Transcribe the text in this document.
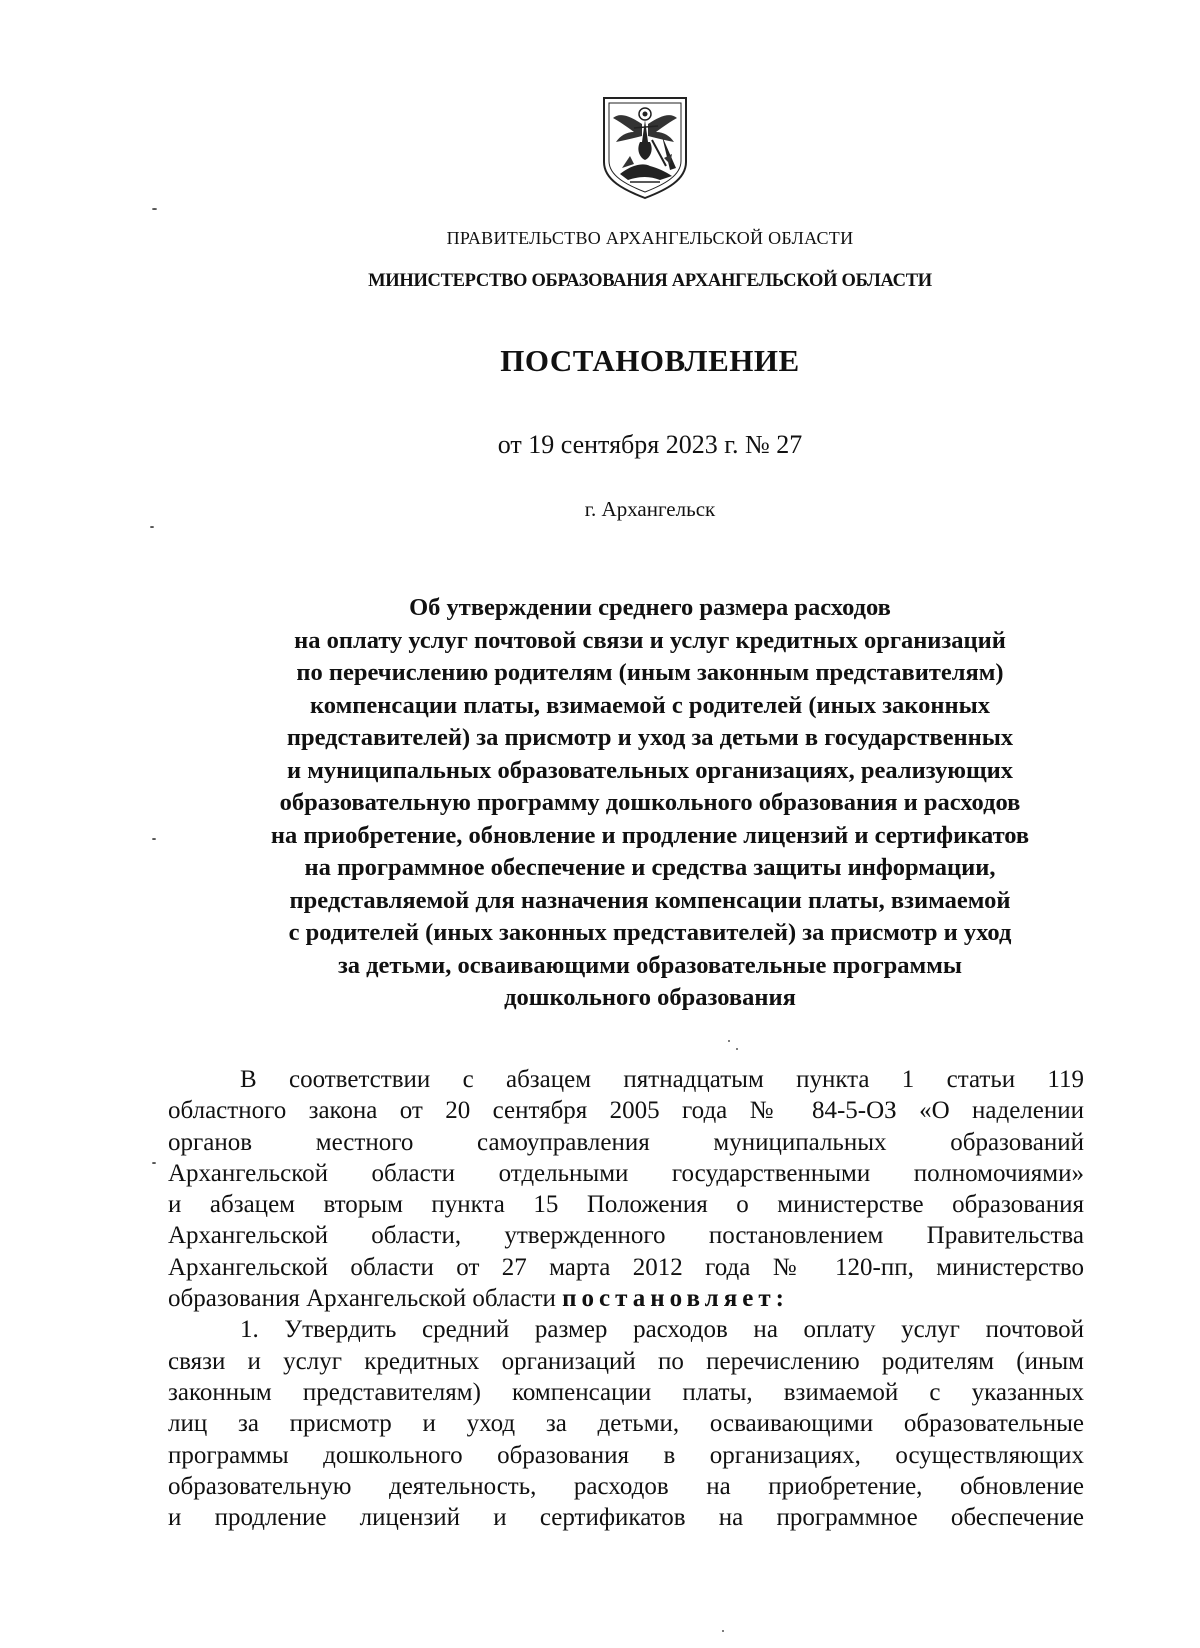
ПРАВИТЕЛЬСТВО АРХАНГЕЛЬСКОЙ ОБЛАСТИ
МИНИСТЕРСТВО ОБРАЗОВАНИЯ АРХАНГЕЛЬСКОЙ ОБЛАСТИ
ПОСТАНОВЛЕНИЕ
от 19 сентября 2023 г. № 27
г. Архангельск
Об утверждении среднего размера расходов
на оплату услуг почтовой связи и услуг кредитных организаций
по перечислению родителям (иным законным представителям)
компенсации платы, взимаемой с родителей (иных законных
представителей) за присмотр и уход за детьми в государственных
и муниципальных образовательных организациях, реализующих
образовательную программу дошкольного образования и расходов
на приобретение, обновление и продление лицензий и сертификатов
на программное обеспечение и средства защиты информации,
представляемой для назначения компенсации платы, взимаемой
с родителей (иных законных представителей) за присмотр и уход
за детьми, осваивающими образовательные программы
дошкольного образования
В соответствии с абзацем пятнадцатым пункта 1 статьи 119
областного закона от 20 сентября 2005 года № 84-5-ОЗ «О наделении
органов местного самоуправления муниципальных образований
Архангельской области отдельными государственными полномочиями»
и абзацем вторым пункта 15 Положения о министерстве образования
Архангельской области, утвержденного постановлением Правительства
Архангельской области от 27 марта 2012 года № 120-пп, министерство
образования Архангельской области постановляет:
1. Утвердить средний размер расходов на оплату услуг почтовой
связи и услуг кредитных организаций по перечислению родителям (иным
законным представителям) компенсации платы, взимаемой с указанных
лиц за присмотр и уход за детьми, осваивающими образовательные
программы дошкольного образования в организациях, осуществляющих
образовательную деятельность, расходов на приобретение, обновление
и продление лицензий и сертификатов на программное обеспечение
